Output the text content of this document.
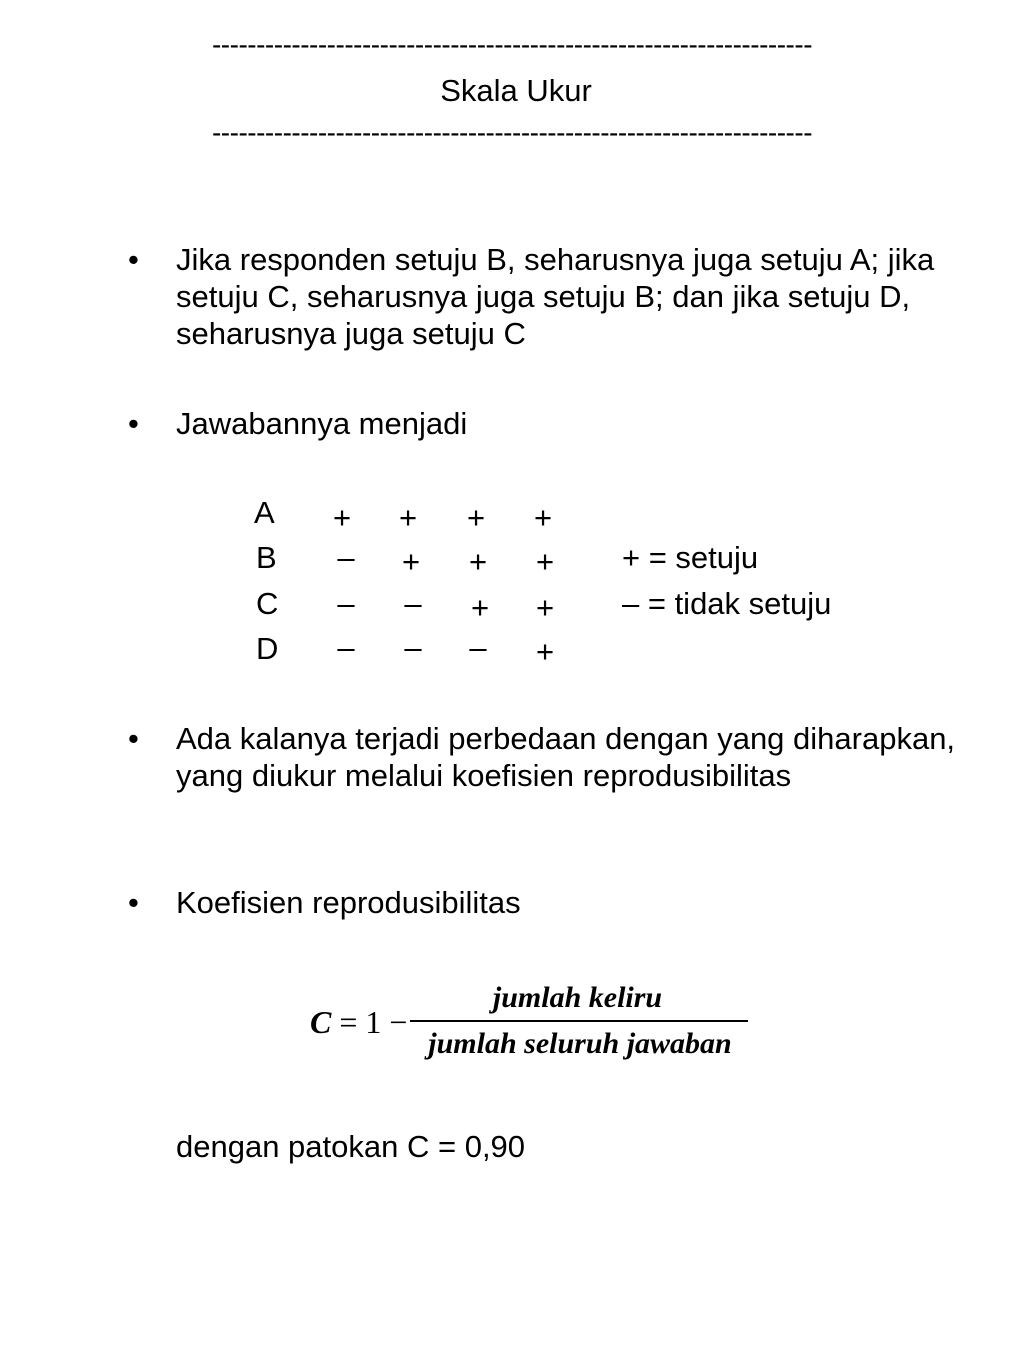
--------------------------------------------------------------------
Skala Ukur
--------------------------------------------------------------------
• Jika responden setuju B, seharusnya juga setuju A; jika setuju C, seharusnya juga setuju B; dan jika setuju D, seharusnya juga setuju C
• Jawabannya menjadi
A	+	+	+	+
B	–	+	+	+
C	–	–	+	+
D	–	–	–	+
+ = setuju
– = tidak setuju
• Ada kalanya terjadi perbedaan dengan yang diharapkan, yang diukur melalui koefisien reprodusibilitas
• Koefisien reprodusibilitas
C = 1 −
jumlah keliru
jumlah seluruh jawaban
dengan patokan C = 0,90
